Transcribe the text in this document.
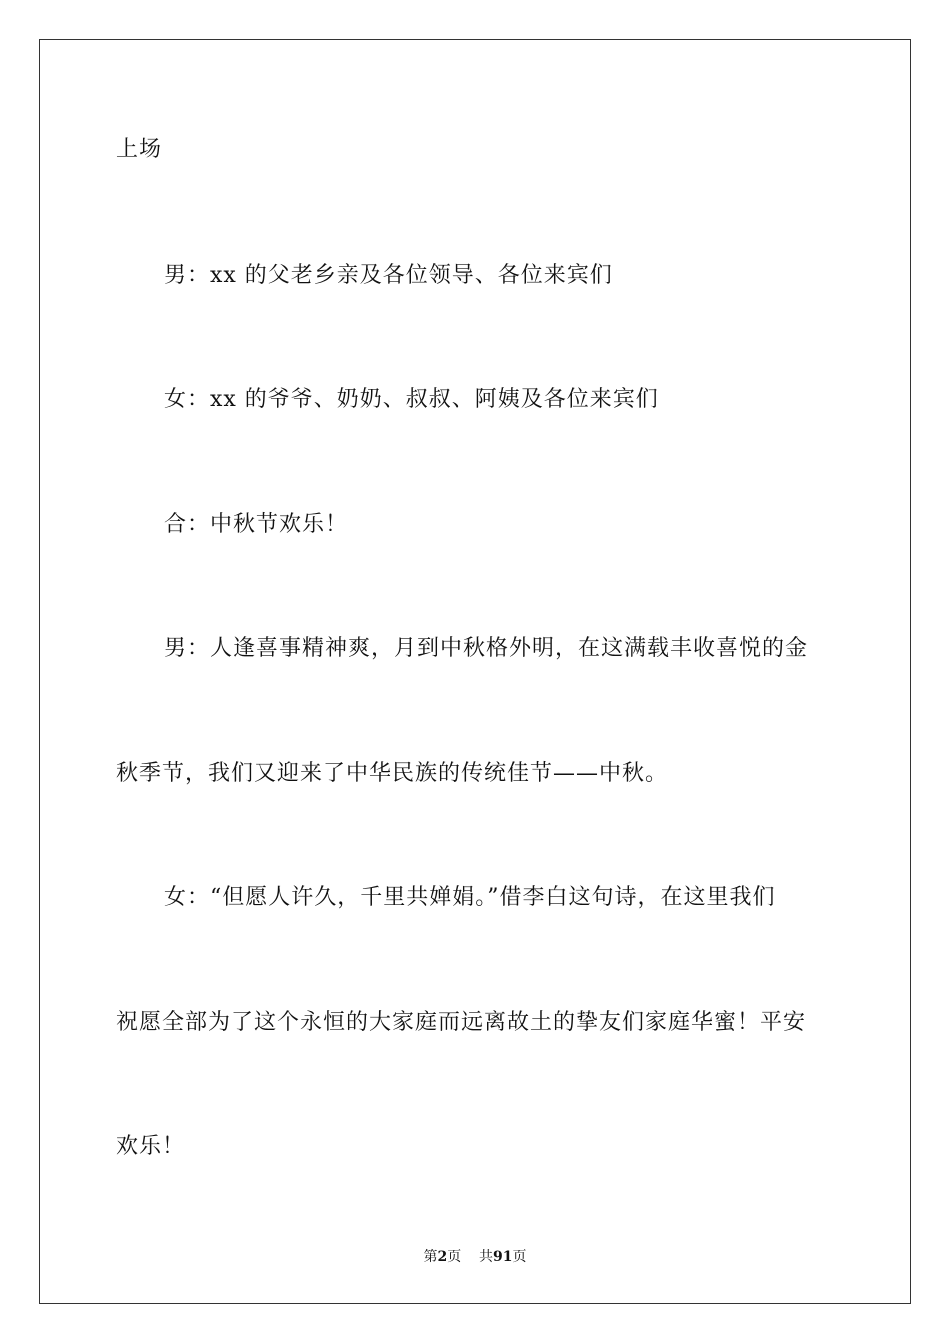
上场
男：xx 的父老乡亲及各位领导、各位来宾们
女：xx 的爷爷、奶奶、叔叔、阿姨及各位来宾们
合：中秋节欢乐！
男：人逢喜事精神爽，月到中秋格外明，在这满载丰收喜悦的金
秋季节，我们又迎来了中华民族的传统佳节——中秋。
女：“但愿人许久，千里共婵娟。”借李白这句诗，在这里我们
祝愿全部为了这个永恒的大家庭而远离故土的挚友们家庭华蜜！平安
欢乐！
第2页 共91页
